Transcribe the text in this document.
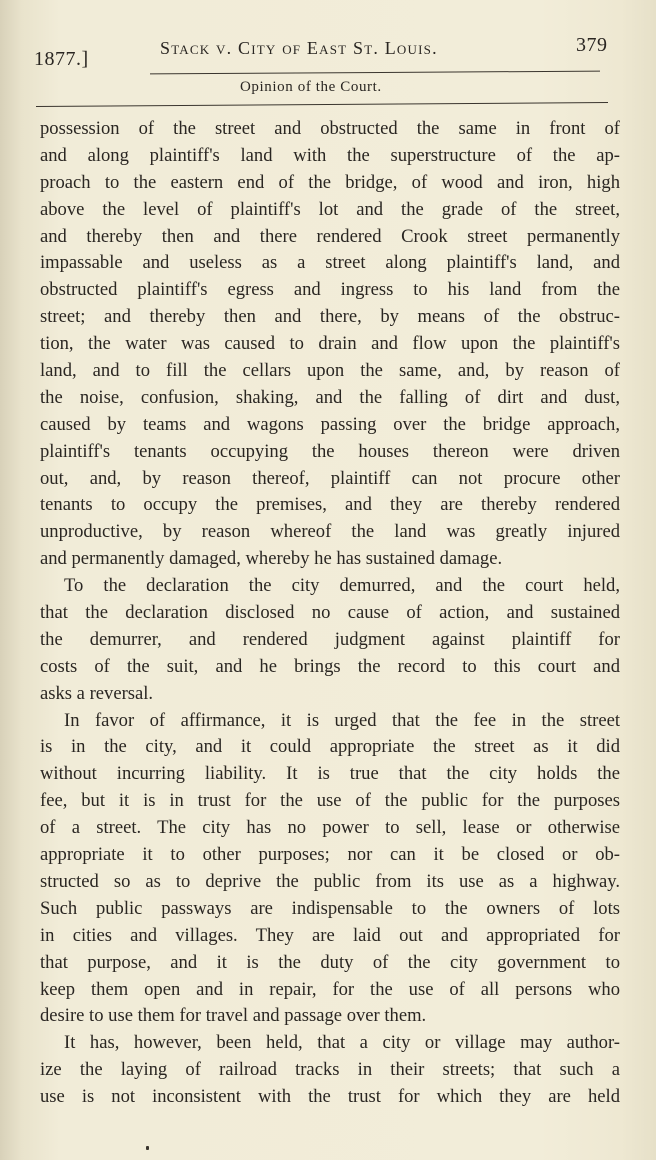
1877.]	Stack v. City of East St. Louis.	379
Opinion of the Court.
possession of the street and obstructed the same in front of
and along plaintiff's land with the superstructure of the ap-
proach to the eastern end of the bridge, of wood and iron, high
above the level of plaintiff's lot and the grade of the street,
and thereby then and there rendered Crook street permanently
impassable and useless as a street along plaintiff's land, and
obstructed plaintiff's egress and ingress to his land from the
street; and thereby then and there, by means of the obstruc-
tion, the water was caused to drain and flow upon the plaintiff's
land, and to fill the cellars upon the same, and, by reason of
the noise, confusion, shaking, and the falling of dirt and dust,
caused by teams and wagons passing over the bridge approach,
plaintiff's tenants occupying the houses thereon were driven
out, and, by reason thereof, plaintiff can not procure other
tenants to occupy the premises, and they are thereby rendered
unproductive, by reason whereof the land was greatly injured
and permanently damaged, whereby he has sustained damage.
To the declaration the city demurred, and the court held,
that the declaration disclosed no cause of action, and sustained
the demurrer, and rendered judgment against plaintiff for
costs of the suit, and he brings the record to this court and
asks a reversal.
In favor of affirmance, it is urged that the fee in the street
is in the city, and it could appropriate the street as it did
without incurring liability. It is true that the city holds the
fee, but it is in trust for the use of the public for the purposes
of a street. The city has no power to sell, lease or otherwise
appropriate it to other purposes; nor can it be closed or ob-
structed so as to deprive the public from its use as a highway.
Such public passways are indispensable to the owners of lots
in cities and villages. They are laid out and appropriated for
that purpose, and it is the duty of the city government to
keep them open and in repair, for the use of all persons who
desire to use them for travel and passage over them.
It has, however, been held, that a city or village may author-
ize the laying of railroad tracks in their streets; that such a
use is not inconsistent with the trust for which they are held
